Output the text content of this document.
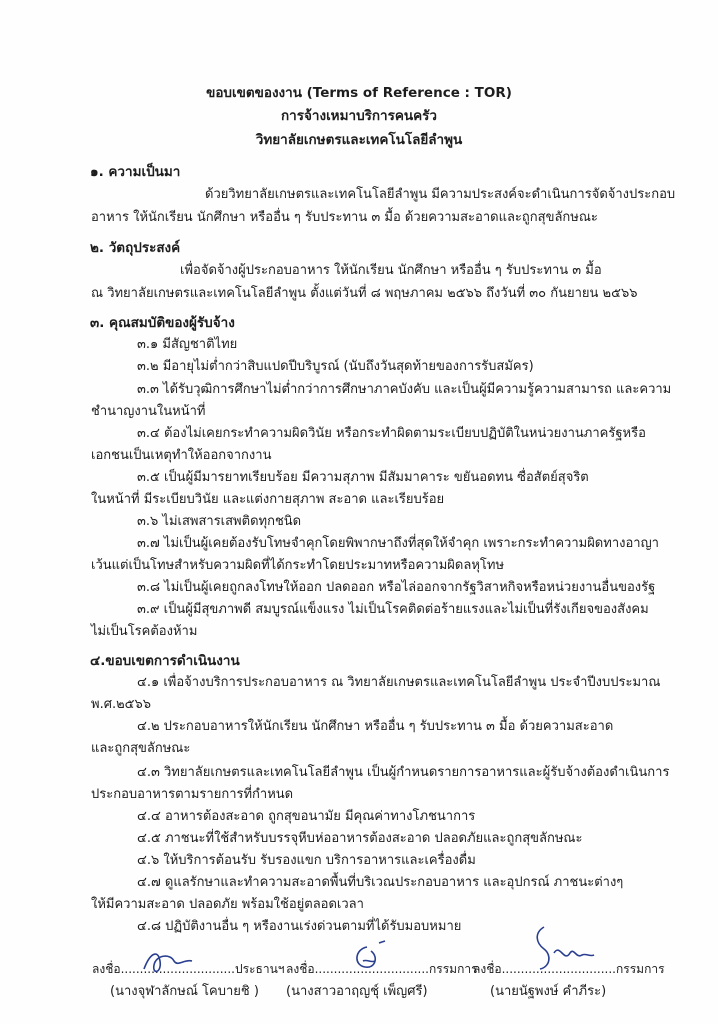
ขอบเขตของงาน (Terms of Reference : TOR)
การจ้างเหมาบริการคนครัว
วิทยาลัยเกษตรและเทคโนโลยีลำพูน
๑. ความเป็นมา
ด้วยวิทยาลัยเกษตรและเทคโนโลยีลำพูน มีความประสงค์จะดำเนินการจัดจ้างประกอบ
อาหาร ให้นักเรียน นักศึกษา หรืออื่น ๆ รับประทาน ๓ มื้อ ด้วยความสะอาดและถูกสุขลักษณะ
๒. วัตถุประสงค์
เพื่อจัดจ้างผู้ประกอบอาหาร ให้นักเรียน นักศึกษา หรืออื่น ๆ รับประทาน ๓ มื้อ
ณ วิทยาลัยเกษตรและเทคโนโลยีลำพูน ตั้งแต่วันที่ ๘ พฤษภาคม ๒๕๖๖ ถึงวันที่ ๓๐ กันยายน ๒๕๖๖
๓. คุณสมบัติของผู้รับจ้าง
๓.๑ มีสัญชาติไทย
๓.๒ มีอายุไม่ต่ำกว่าสิบแปดปีบริบูรณ์ (นับถึงวันสุดท้ายของการรับสมัคร)
๓.๓ ได้รับวุฒิการศึกษาไม่ต่ำกว่าการศึกษาภาคบังคับ และเป็นผู้มีความรู้ความสามารถ และความ
ชำนาญงานในหน้าที่
๓.๔ ต้องไม่เคยกระทำความผิดวินัย หรือกระทำผิดตามระเบียบปฏิบัติในหน่วยงานภาครัฐหรือ
เอกชนเป็นเหตุทำให้ออกจากงาน
๓.๕ เป็นผู้มีมารยาทเรียบร้อย มีความสุภาพ มีสัมมาคาระ ขยันอดทน ซื่อสัตย์สุจริต
ในหน้าที่ มีระเบียบวินัย และแต่งกายสุภาพ สะอาด และเรียบร้อย
๓.๖ ไม่เสพสารเสพติดทุกชนิด
๓.๗ ไม่เป็นผู้เคยต้องรับโทษจำคุกโดยพิพากษาถึงที่สุดให้จำคุก เพราะกระทำความผิดทางอาญา
เว้นแต่เป็นโทษสำหรับความผิดที่ได้กระทำโดยประมาทหรือความผิดลหุโทษ
๓.๘ ไม่เป็นผู้เคยถูกลงโทษให้ออก ปลดออก หรือไล่ออกจากรัฐวิสาหกิจหรือหน่วยงานอื่นของรัฐ
๓.๙ เป็นผู้มีสุขภาพดี สมบูรณ์แข็งแรง ไม่เป็นโรคติดต่อร้ายแรงและไม่เป็นที่รังเกียจของสังคม
ไม่เป็นโรคต้องห้าม
๔.ขอบเขตการดำเนินงาน
๔.๑ เพื่อจ้างบริการประกอบอาหาร ณ วิทยาลัยเกษตรและเทคโนโลยีลำพูน ประจำปีงบประมาณ
พ.ศ.๒๕๖๖
๔.๒ ประกอบอาหารให้นักเรียน นักศึกษา หรืออื่น ๆ รับประทาน ๓ มื้อ ด้วยความสะอาด
และถูกสุขลักษณะ
๔.๓ วิทยาลัยเกษตรและเทคโนโลยีลำพูน เป็นผู้กำหนดรายการอาหารและผู้รับจ้างต้องดำเนินการ
ประกอบอาหารตามรายการที่กำหนด
๔.๔ อาหารต้องสะอาด ถูกสุขอนามัย มีคุณค่าทางโภชนาการ
๔.๕ ภาชนะที่ใช้สำหรับบรรจุหีบห่ออาหารต้องสะอาด ปลอดภัยและถูกสุขลักษณะ
๔.๖ ให้บริการต้อนรับ รับรองแขก บริการอาหารและเครื่องดื่ม
๔.๗ ดูแลรักษาและทำความสะอาดพื้นที่บริเวณประกอบอาหาร และอุปกรณ์ ภาชนะต่างๆ
ให้มีความสะอาด ปลอดภัย พร้อมใช้อยู่ตลอดเวลา
๔.๘ ปฏิบัติงานอื่น ๆ หรืองานเร่งด่วนตามที่ได้รับมอบหมาย
ลงชื่อ..............................ประธานฯ
(นางจุฬาลักษณ์ โคบายชิ )
ลงชื่อ..............................กรรมการ
(นางสาวอาฤญชุ์ เพ็ญศรี)
ลงชื่อ..............................กรรมการ
(นายนัฐพงษ์ คำภีระ)
